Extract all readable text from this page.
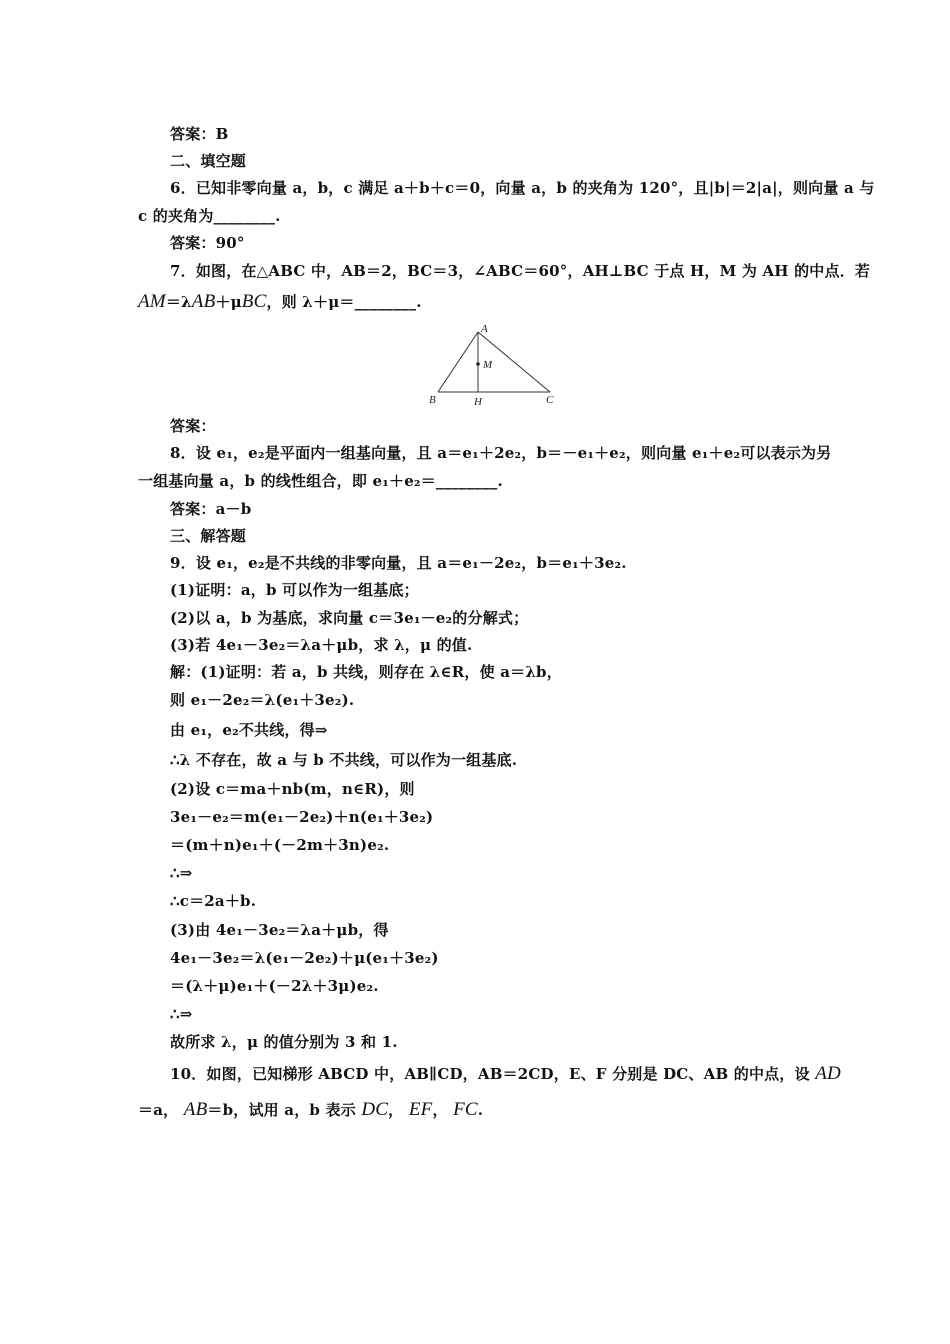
答案：B
二、填空题
6．已知非零向量 a，b，c 满足 a＋b＋c＝0，向量 a，b 的夹角为 120°，且|b|＝2|a|，则向量 a 与
c 的夹角为________.
答案：90°
7．如图，在△ABC 中，AB＝2，BC＝3，∠ABC＝60°，AH⊥BC 于点 H，M 为 AH 的中点．若
AM＝λAB＋μBC，则 λ＋μ＝________.
A
B	C
H
M
答案：
8．设 e₁，e₂是平面内一组基向量，且 a＝e₁＋2e₂，b＝－e₁＋e₂，则向量 e₁＋e₂可以表示为另
一组基向量 a，b 的线性组合，即 e₁＋e₂＝________.
答案：a－b
三、解答题
9．设 e₁，e₂是不共线的非零向量，且 a＝e₁－2e₂，b＝e₁＋3e₂.
(1)证明：a，b 可以作为一组基底；
(2)以 a，b 为基底，求向量 c＝3e₁－e₂的分解式；
(3)若 4e₁－3e₂＝λa＋μb，求 λ，μ 的值.
解：(1)证明：若 a，b 共线，则存在 λ∈R，使 a＝λb，
则 e₁－2e₂＝λ(e₁＋3e₂).
由 e₁，e₂不共线，得⇒
∴λ 不存在，故 a 与 b 不共线，可以作为一组基底.
(2)设 c＝ma＋nb(m，n∈R)，则
3e₁－e₂＝m(e₁－2e₂)＋n(e₁＋3e₂)
＝(m＋n)e₁＋(－2m＋3n)e₂.
∴⇒
∴c＝2a＋b.
(3)由 4e₁－3e₂＝λa＋μb，得
4e₁－3e₂＝λ(e₁－2e₂)＋μ(e₁＋3e₂)
＝(λ＋μ)e₁＋(－2λ＋3μ)e₂.
∴⇒
故所求 λ，μ 的值分别为 3 和 1.
10．如图，已知梯形 ABCD 中，AB∥CD，AB＝2CD，E、F 分别是 DC、AB 的中点，设 AD
＝a， AB＝b，试用 a，b 表示 DC， EF， FC.
